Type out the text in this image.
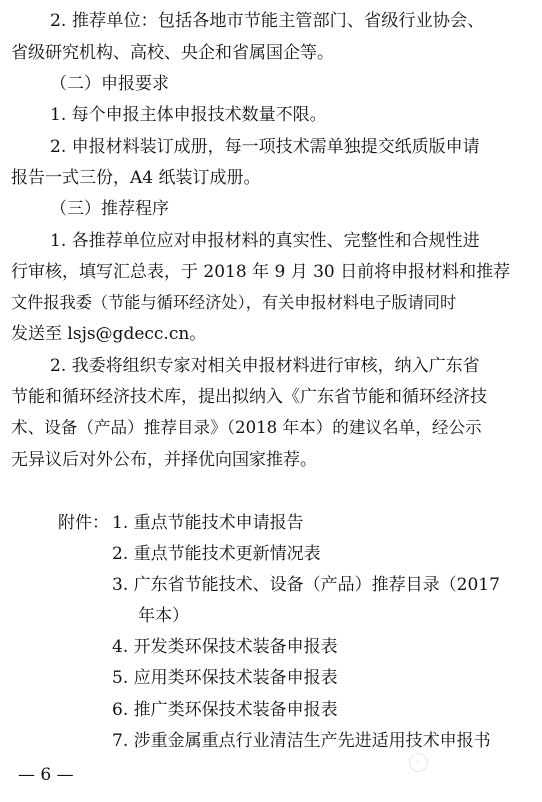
2. 推荐单位：包括各地市节能主管部门、省级行业协会、
省级研究机构、高校、央企和省属国企等。
（二）申报要求
1. 每个申报主体申报技术数量不限。
2. 申报材料装订成册，每一项技术需单独提交纸质版申请
报告一式三份，A4 纸装订成册。
（三）推荐程序
1. 各推荐单位应对申报材料的真实性、完整性和合规性进
行审核，填写汇总表，于 2018 年 9 月 30 日前将申报材料和推荐
文件报我委（节能与循环经济处），有关申报材料电子版请同时
发送至 lsjs@gdecc.cn。
2. 我委将组织专家对相关申报材料进行审核，纳入广东省
节能和循环经济技术库，提出拟纳入《广东省节能和循环经济技
术、设备（产品）推荐目录》（2018 年本）的建议名单，经公示
无异议后对外公布，并择优向国家推荐。
附件： 1. 重点节能技术申请报告
2. 重点节能技术更新情况表
3. 广东省节能技术、设备（产品）推荐目录（2017
年本）
4. 开发类环保技术装备申报表
5. 应用类环保技术装备申报表
6. 推广类环保技术装备申报表
7. 涉重金属重点行业清洁生产先进适用技术申报书
— 6 —
◦
